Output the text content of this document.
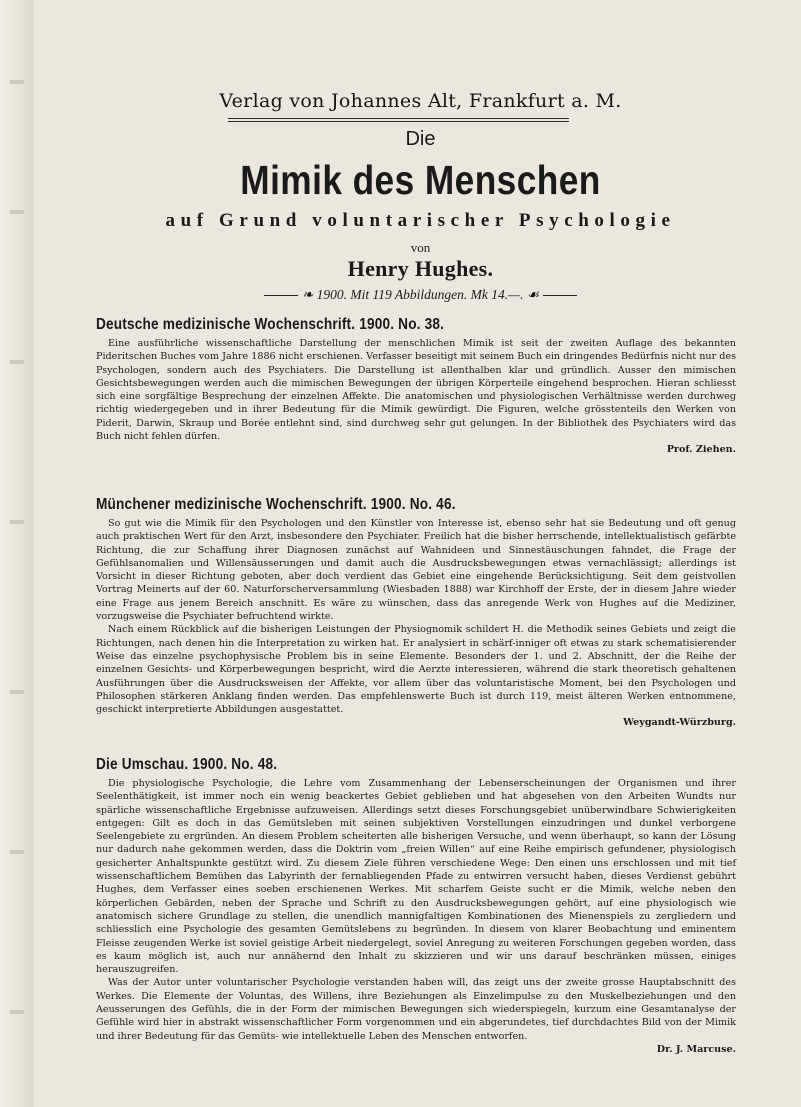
Verlag von Johannes Alt, Frankfurt a. M.
Die
Mimik des Menschen
auf Grund voluntarischer Psychologie
von
Henry Hughes.
❧ 1900. Mit 119 Abbildungen. Mk 14.—. ☙
Deutsche medizinische Wochenschrift. 1900. No. 38.

Eine ausführliche wissenschaftliche Darstellung der menschlichen Mimik ist seit der zweiten Auflage des bekannten Pideritschen Buches vom Jahre 1886 nicht erschienen. Verfasser beseitigt mit seinem Buch ein dringendes Bedürfnis nicht nur des Psychologen, sondern auch des Psychiaters. Die Darstellung ist allenthalben klar und gründlich. Ausser den mimischen Gesichtsbewegungen werden auch die mimischen Bewegungen der übrigen Körperteile eingehend besprochen. Hieran schliesst sich eine sorgfältige Besprechung der einzelnen Affekte. Die anatomischen und physiologischen Verhältnisse werden durchweg richtig wiedergegeben und in ihrer Bedeutung für die Mimik gewürdigt. Die Figuren, welche grösstenteils den Werken von Piderit, Darwin, Skraup und Borée entlehnt sind, sind durchweg sehr gut gelungen. In der Bibliothek des Psychiaters wird das Buch nicht fehlen dürfen.

Prof. Ziehen.
Münchener medizinische Wochenschrift. 1900. No. 46.

So gut wie die Mimik für den Psychologen und den Künstler von Interesse ist, ebenso sehr hat sie Bedeutung und oft genug auch praktischen Wert für den Arzt, insbesondere den Psychiater. Freilich hat die bisher herrschende, intellektualistisch gefärbte Richtung, die zur Schaffung ihrer Diagnosen zunächst auf Wahnideen und Sinnestäuschungen fahndet, die Frage der Gefühlsanomalien und Willensäusserungen und damit auch die Ausdrucksbewegungen etwas vernachlässigt; allerdings ist Vorsicht in dieser Richtung geboten, aber doch verdient das Gebiet eine eingehende Berücksichtigung. Seit dem geistvollen Vortrag Meinerts auf der 60. Naturforscherversammlung (Wiesbaden 1888) war Kirchhoff der Erste, der in diesem Jahre wieder eine Frage aus jenem Bereich anschnitt. Es wäre zu wünschen, dass das anregende Werk von Hughes auf die Mediziner, vorzugsweise die Psychiater befruchtend wirkte.

Nach einem Rückblick auf die bisherigen Leistungen der Physiognomik schildert H. die Methodik seines Gebiets und zeigt die Richtungen, nach denen hin die Interpretation zu wirken hat. Er analysiert in schärf-inniger oft etwas zu stark schematisierender Weise das einzelne psychophysische Problem bis in seine Elemente. Besonders der 1. und 2. Abschnitt, der die Reihe der einzelnen Gesichts- und Körperbewegungen bespricht, wird die Aerzte interessieren, während die stark theoretisch gehaltenen Ausführungen über die Ausdrucksweisen der Affekte, vor allem über das voluntaristische Moment, bei den Psychologen und Philosophen stärkeren Anklang finden werden. Das empfehlenswerte Buch ist durch 119, meist älteren Werken entnommene, geschickt interpretierte Abbildungen ausgestattet.

Weygandt-Würzburg.
Die Umschau. 1900. No. 48.

Die physiologische Psychologie, die Lehre vom Zusammenhang der Lebenserscheinungen der Organismen und ihrer Seelenthätigkeit, ist immer noch ein wenig beackertes Gebiet geblieben und hat abgesehen von den Arbeiten Wundts nur spärliche wissenschaftliche Ergebnisse aufzuweisen. Allerdings setzt dieses Forschungsgebiet unüberwindbare Schwierigkeiten entgegen: Gilt es doch in das Gemütsleben mit seinen subjektiven Vorstellungen einzudringen und dunkel verborgene Seelengebiete zu ergründen. An diesem Problem scheiterten alle bisherigen Versuche, und wenn überhaupt, so kann der Lösung nur dadurch nahe gekommen werden, dass die Doktrin vom „freien Willen“ auf eine Reihe empirisch gefundener, physiologisch gesicherter Anhaltspunkte gestützt wird. Zu diesem Ziele führen verschiedene Wege: Den einen uns erschlossen und mit tief wissenschaftlichem Bemühen das Labyrinth der fernabliegenden Pfade zu entwirren versucht haben, dieses Verdienst gebührt Hughes, dem Verfasser eines soeben erschienenen Werkes. Mit scharfem Geiste sucht er die Mimik, welche neben den körperlichen Gebärden, neben der Sprache und Schrift zu den Ausdrucksbewegungen gehört, auf eine physiologisch wie anatomisch sichere Grundlage zu stellen, die unendlich mannigfaltigen Kombinationen des Mienenspiels zu zergliedern und schliesslich eine Psychologie des gesamten Gemütslebens zu begründen. In diesem von klarer Beobachtung und eminentem Fleisse zeugenden Werke ist soviel geistige Arbeit niedergelegt, soviel Anregung zu weiteren Forschungen gegeben worden, dass es kaum möglich ist, auch nur annähernd den Inhalt zu skizzieren und wir uns darauf beschränken müssen, einiges herauszugreifen.

Was der Autor unter voluntarischer Psychologie verstanden haben will, das zeigt uns der zweite grosse Hauptabschnitt des Werkes. Die Elemente der Voluntas, des Willens, ihre Beziehungen als Einzelimpulse zu den Muskelbeziehungen und den Aeusserungen des Gefühls, die in der Form der mimischen Bewegungen sich wiederspiegeln, kurzum eine Gesamtanalyse der Gefühle wird hier in abstrakt wissenschaftlicher Form vorgenommen und ein abgerundetes, tief durchdachtes Bild von der Mimik und ihrer Bedeutung für das Gemüts- wie intellektuelle Leben des Menschen entworfen.

Dr. J. Marcuse.
